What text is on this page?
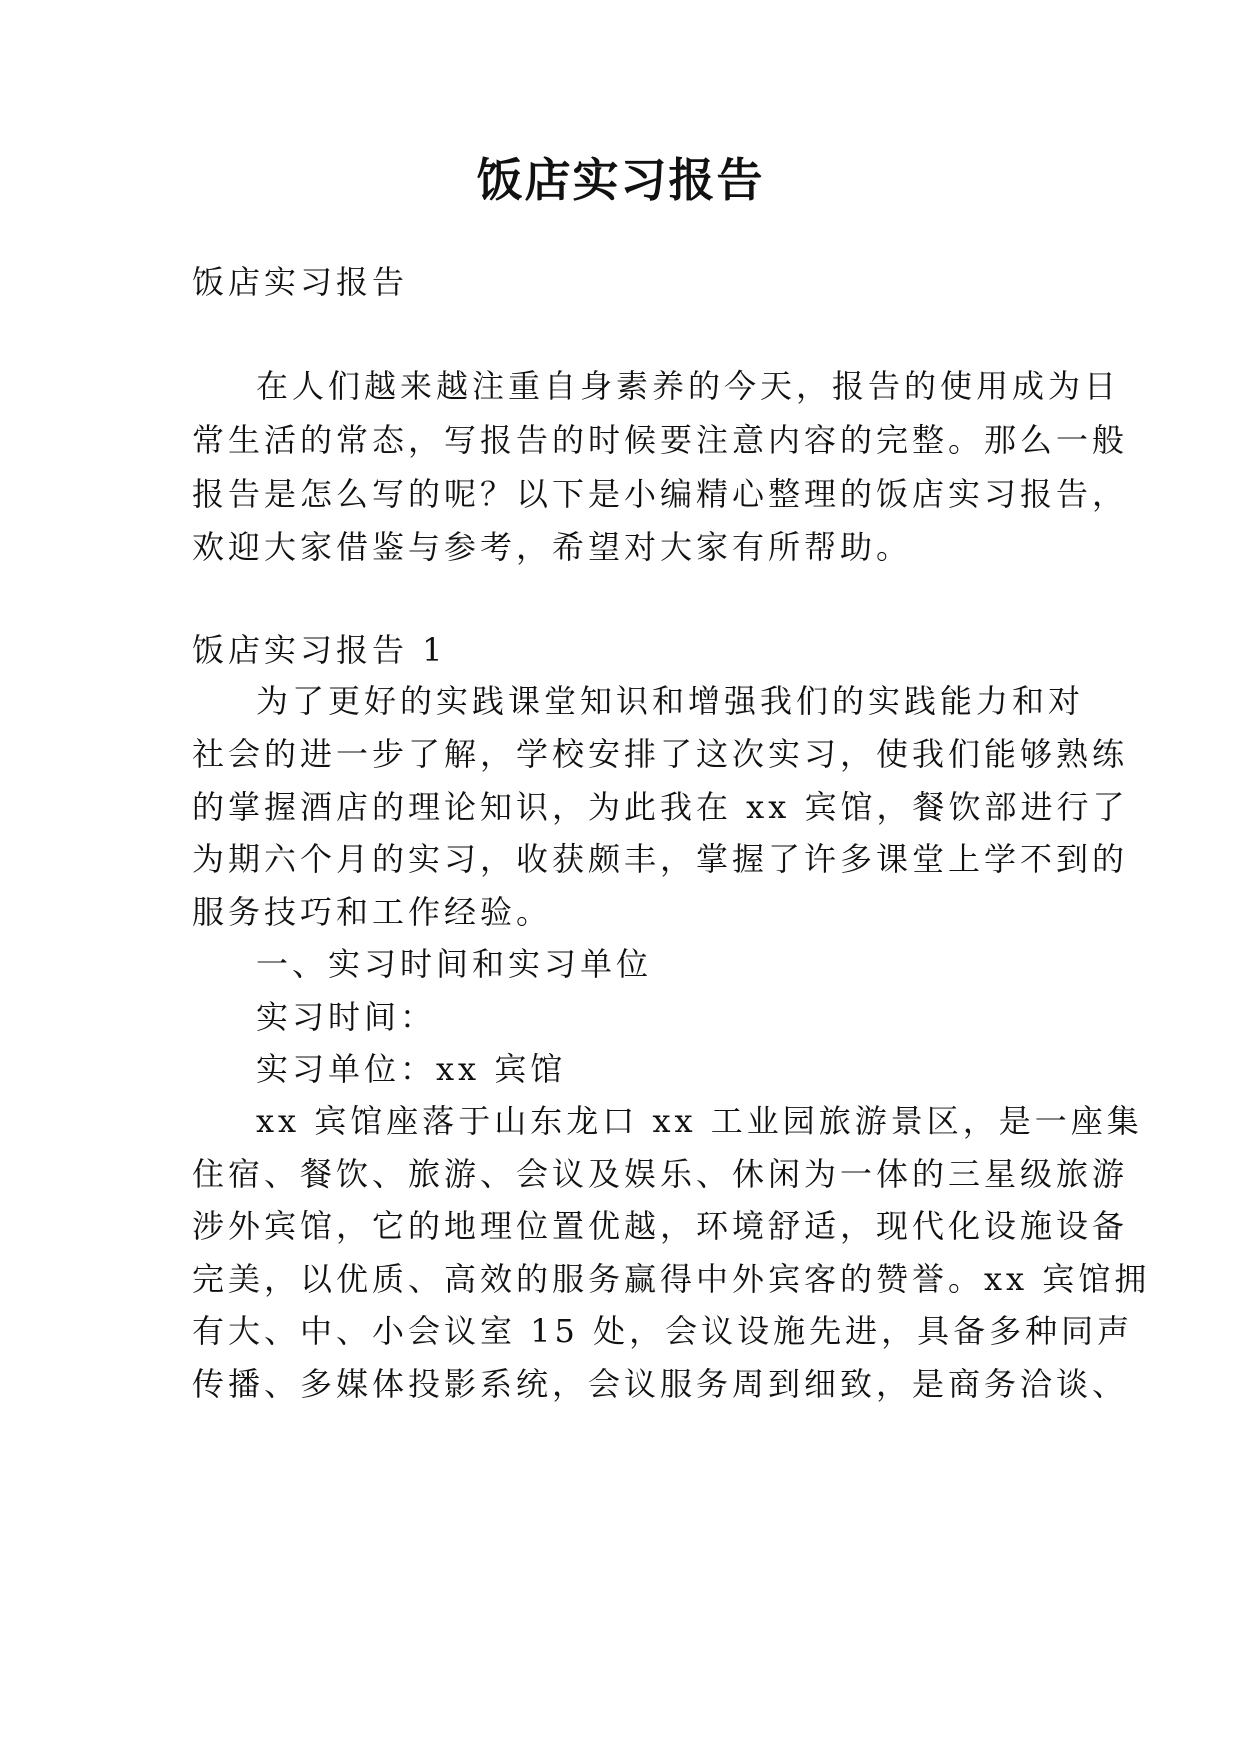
饭店实习报告
饭店实习报告
在人们越来越注重自身素养的今天，报告的使用成为日
常生活的常态，写报告的时候要注意内容的完整。那么一般
报告是怎么写的呢？以下是小编精心整理的饭店实习报告，
欢迎大家借鉴与参考，希望对大家有所帮助。
饭店实习报告 1
为了更好的实践课堂知识和增强我们的实践能力和对
社会的进一步了解，学校安排了这次实习，使我们能够熟练
的掌握酒店的理论知识，为此我在 xx 宾馆，餐饮部进行了
为期六个月的实习，收获颇丰，掌握了许多课堂上学不到的
服务技巧和工作经验。
一、实习时间和实习单位
实习时间：
实习单位：xx 宾馆
xx 宾馆座落于山东龙口 xx 工业园旅游景区，是一座集
住宿、餐饮、旅游、会议及娱乐、休闲为一体的三星级旅游
涉外宾馆，它的地理位置优越，环境舒适，现代化设施设备
完美，以优质、高效的服务赢得中外宾客的赞誉。xx 宾馆拥
有大、中、小会议室 15 处，会议设施先进，具备多种同声
传播、多媒体投影系统，会议服务周到细致，是商务洽谈、
